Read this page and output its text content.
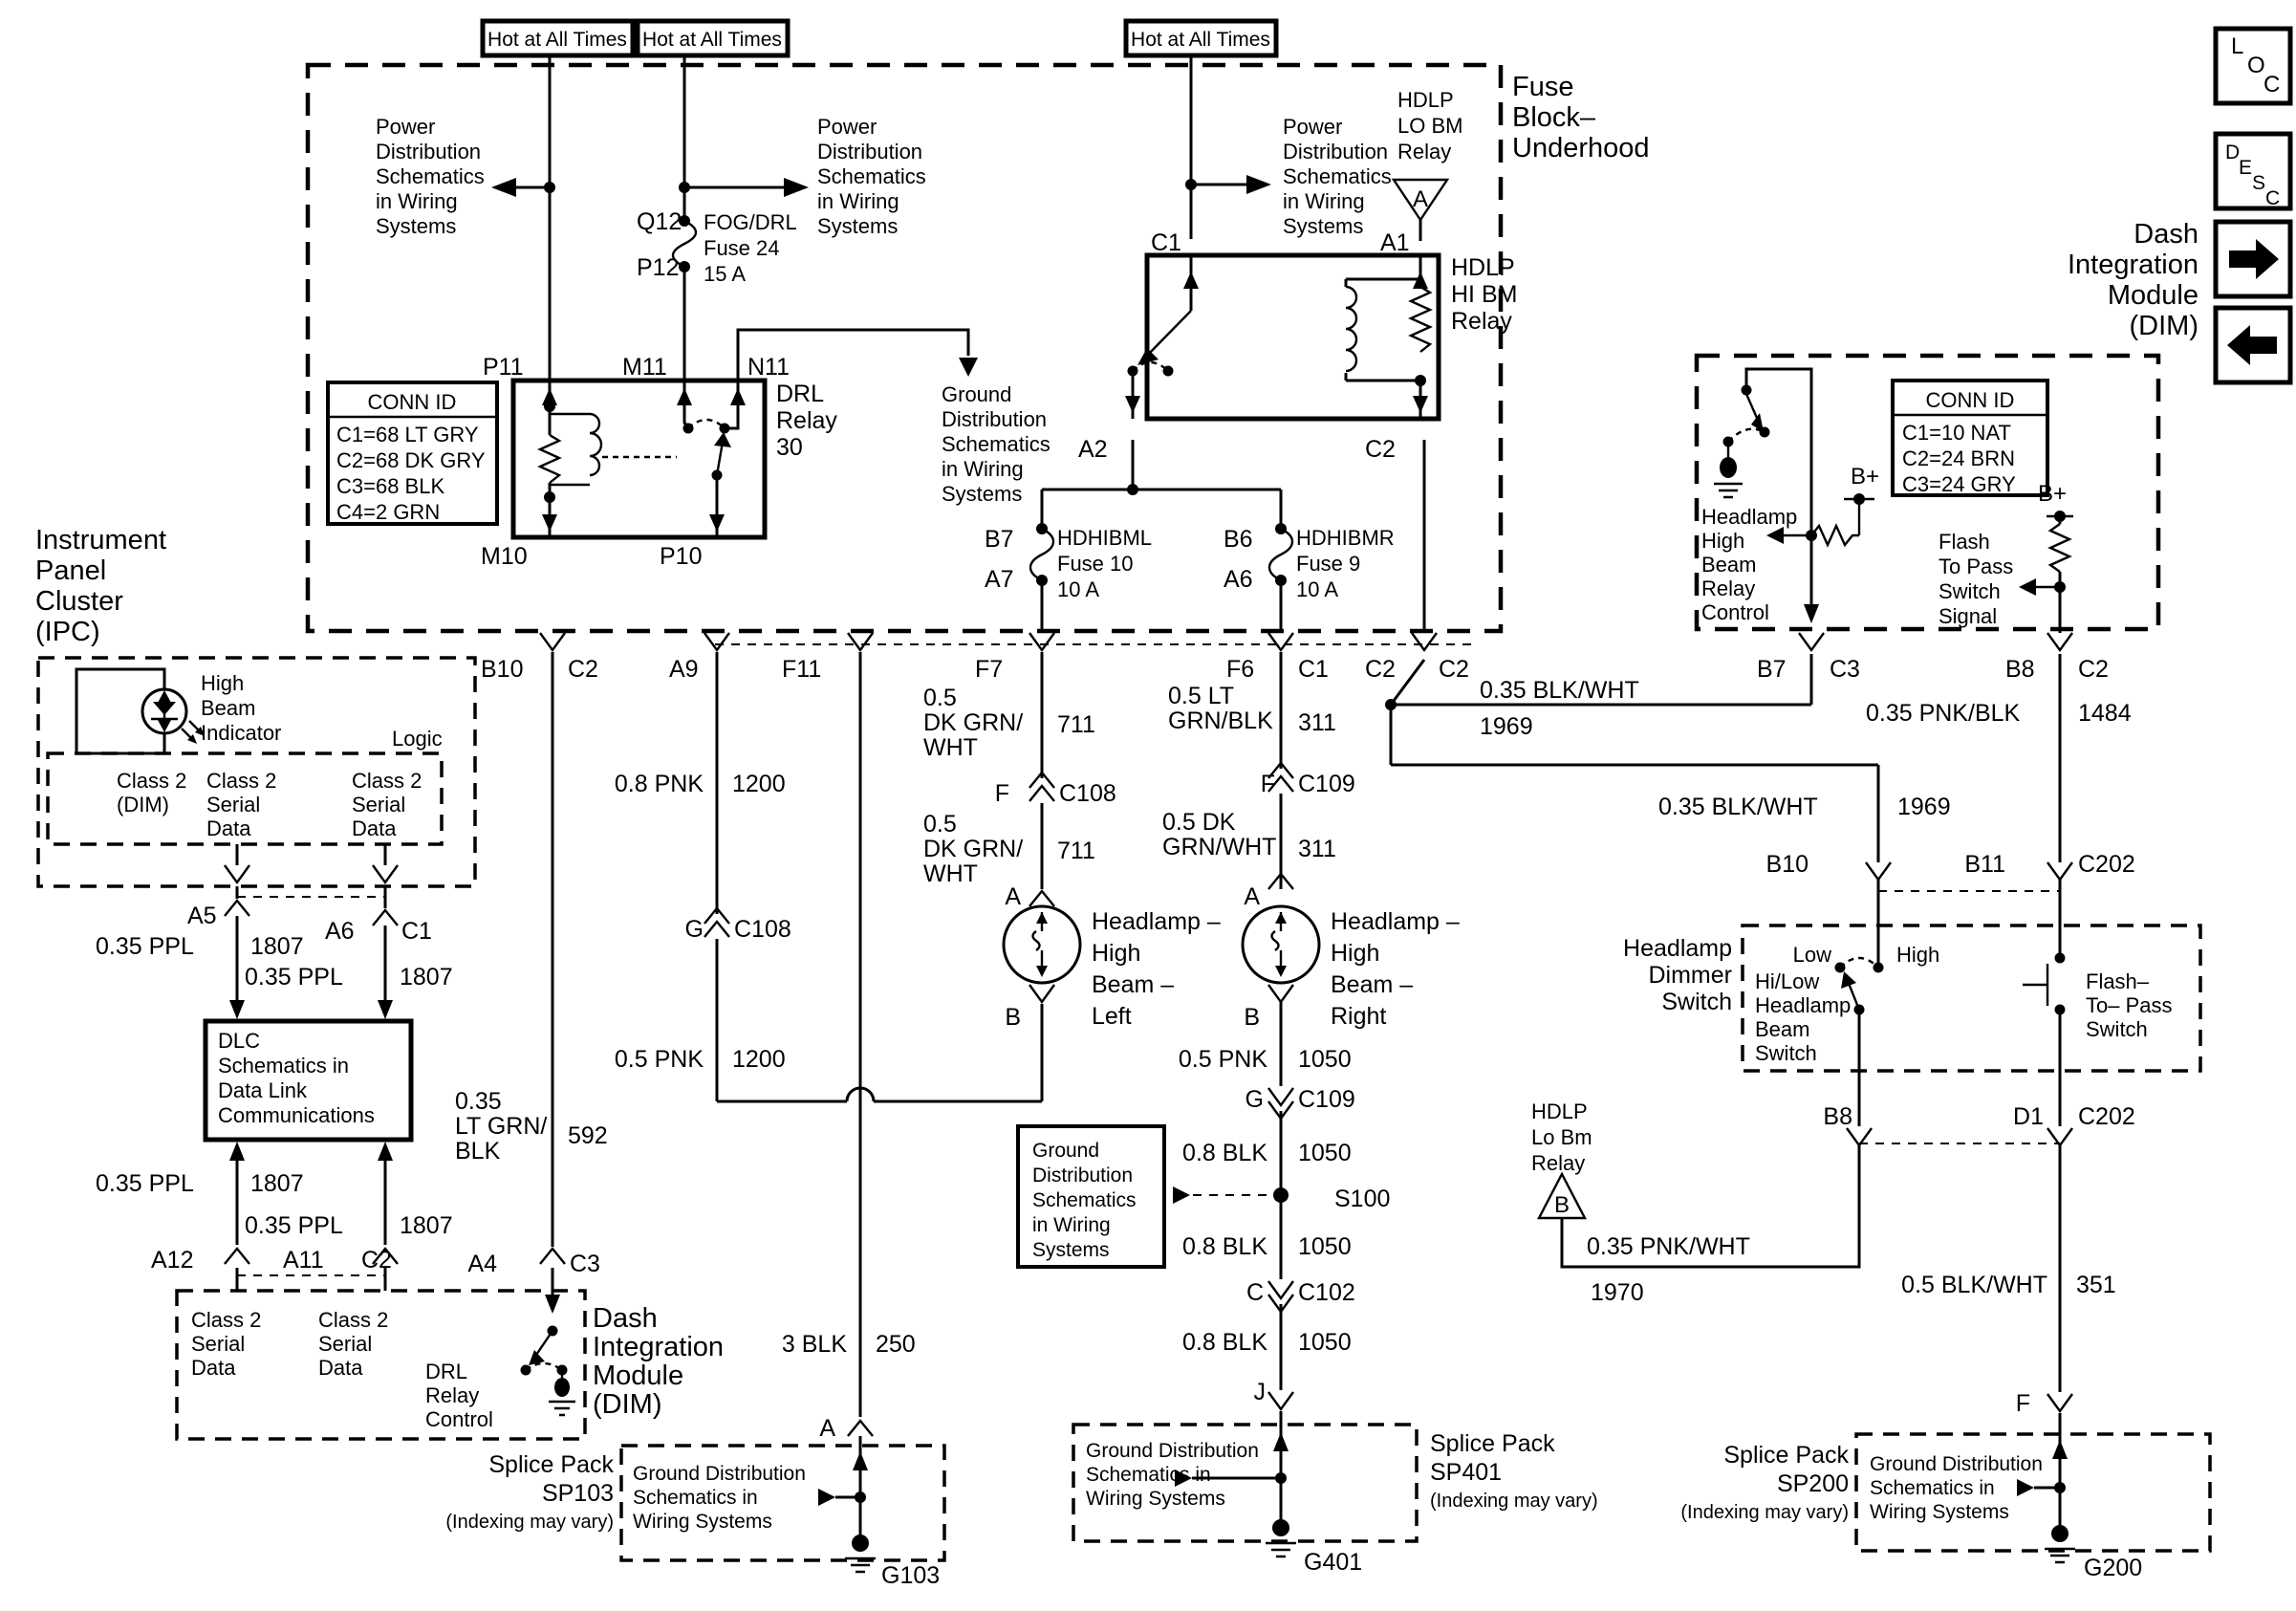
Hot at All Times Hot at All Times	Hot at All Times
Fuse Block– Underhood
Power Distribution Schematics in Wiring Systems
Power Distribution Schematics in Wiring Systems
Power Distribution Schematics in Wiring Systems
Q12
P12
FOG/DRL Fuse 24 15 A
DRL Relay 30
P11	M11	N11
M10	P10
Ground Distribution Schematics in Wiring Systems
CONN ID
C1=68 LT GRY
C2=68 DK GRY
C3=68 BLK
C4=2 GRN
HDLP LO BM Relay
A
C1	A1
HDLP HI BM Relay
A2	C2
B7
A7
HDHIBML Fuse 10 10 A
B6
A6
HDHIBMR Fuse 9 10 A
B+
Headlamp High Beam Relay Control
CONN ID
C1=10 NAT
C2=24 BRN
C3=24 GRY B+
Flash To Pass Switch Signal
Dash Integration Module (DIM)
LO C
D ESC
B10 C2	A9	F11	F7	F6 C1 C2 C2	B7 C3	B8 C2
0.35 BLK/WHT
1969
0.35 BLK/WHT	1969
0.35 PNK/BLK 1484
B10	B11	C202
Headlamp Dimmer Switch
Low	High
Hi/Low Headlamp Beam Switch
Flash– To– Pass Switch
B8	D1 C202
B
HDLP Lo Bm Relay
0.35 PNK/WHT
1970	0.5 BLK/WHT 351
F
Ground Distribution Schematics in Wiring Systems
G200
Splice Pack
SP200
(Indexing may vary)
Instrument Panel Cluster (IPC)
High Beam Indicator	Logic
Class 2 (DIM)
Class 2 Serial Data
Class 2 Serial Data
A5
0.35 PPL 1807
A6 C1
0.35 PPL 1807
DLC Schematics in Data Link Communications
0.35 PPL 1807
0.35 PPL 1807
A12	A11 C2
Class 2 Serial Data
Class 2 Serial Data	DRL Relay Control
Dash Integration Module (DIM)
0.35 LT GRN/ BLK
592
A4	C3
0.8 PNK 1200
G C108
0.5 PNK 1200
3 BLK 250
A
Ground Distribution Schematics in Wiring Systems
G103
Splice Pack
SP103
(Indexing may vary)
0.5 DK GRN/ WHT
711
F C108
0.5 DK GRN/ WHT
711
A
B
Headlamp – High Beam – Left
0.5 LT GRN/BLK 311
F C109
0.5 DK GRN/WHT 311
A
Headlamp – High Beam – Right
B
0.5 PNK 1050
G C109
0.8 BLK 1050
S100
0.8 BLK 1050
C C102
0.8 BLK 1050
J
Ground Distribution Schematics in Wiring Systems
Ground Distribution Schematics in Wiring Systems
G401
Splice Pack
SP401
(Indexing may vary)
